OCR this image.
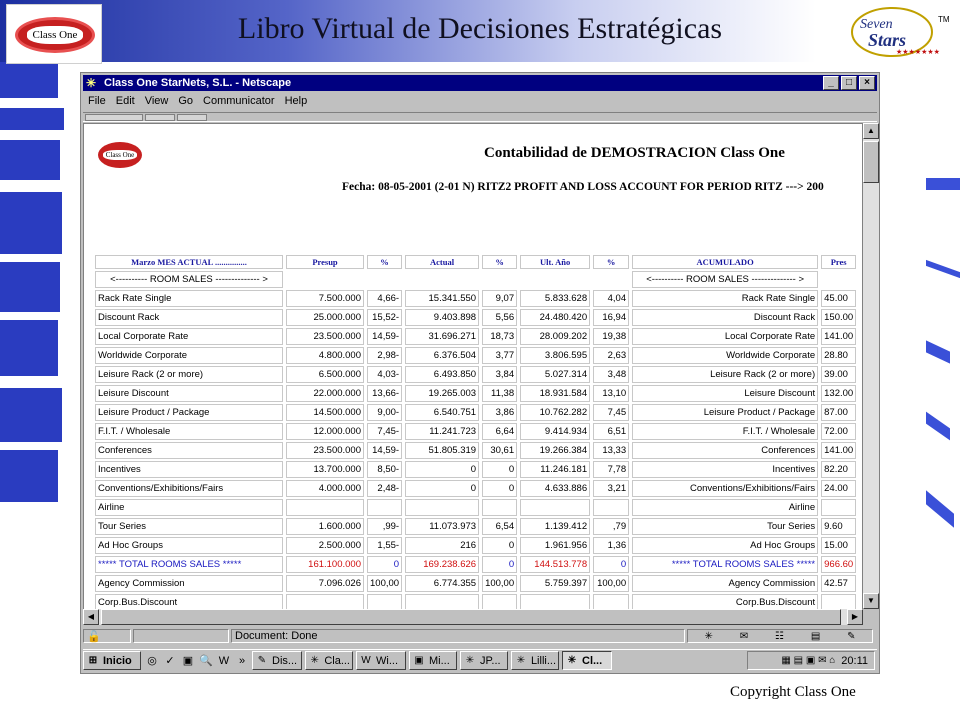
Class One	Libro Virtual de Decisiones Estratégicas	Seven
Stars
★★★★★★★
TM
Copyright Class One
✳ Class One StarNets, S.L. - Netscape	_	□	×
File Edit View Go Communicator Help
Class One	Contabilidad de DEMOSTRACION Class One
Fecha: 08-05-2001 (2-01 N) RITZ2 PROFIT AND LOSS ACCOUNT FOR PERIOD RITZ ---> 200
Marzo MES ACTUAL ...............	Presup	%	Actual	%	Ult. Año	%	ACUMULADO	Pres
<---------- ROOM SALES -------------- >							<---------- ROOM SALES -------------- >	
Rack Rate Single	7.500.000	4,66-	15.341.550	9,07	5.833.628	4,04	Rack Rate Single	45.00
Discount Rack	25.000.000	15,52-	9.403.898	5,56	24.480.420	16,94	Discount Rack	150.00
Local Corporate Rate	23.500.000	14,59-	31.696.271	18,73	28.009.202	19,38	Local Corporate Rate	141.00
Worldwide Corporate	4.800.000	2,98-	6.376.504	3,77	3.806.595	2,63	Worldwide Corporate	28.80
Leisure Rack (2 or more)	6.500.000	4,03-	6.493.850	3,84	5.027.314	3,48	Leisure Rack (2 or more)	39.00
Leisure Discount	22.000.000	13,66-	19.265.003	11,38	18.931.584	13,10	Leisure Discount	132.00
Leisure Product / Package	14.500.000	9,00-	6.540.751	3,86	10.762.282	7,45	Leisure Product / Package	87.00
F.I.T. / Wholesale	12.000.000	7,45-	11.241.723	6,64	9.414.934	6,51	F.I.T. / Wholesale	72.00
Conferences	23.500.000	14,59-	51.805.319	30,61	19.266.384	13,33	Conferences	141.00
Incentives	13.700.000	8,50-	0	0	11.246.181	7,78	Incentives	82.20
Conventions/Exhibitions/Fairs	4.000.000	2,48-	0	0	4.633.886	3,21	Conventions/Exhibitions/Fairs	24.00
Airline							Airline	
Tour Series	1.600.000	,99-	11.073.973	6,54	1.139.412	,79	Tour Series	9.60
Ad Hoc Groups	2.500.000	1,55-	216	0	1.961.956	1,36	Ad Hoc Groups	15.00
***** TOTAL ROOMS SALES *****	161.100.000	0	169.238.626	0	144.513.778	0	***** TOTAL ROOMS SALES *****	966.60
Agency Commission	7.096.026	100,00	6.774.355	100,00	5.759.397	100,00	Agency Commission	42.57
Corp.Bus.Discount							Corp.Bus.Discount	
▲
▼
◀	▶
🔓	Document: Done	✳	✉	☷	▤	✎
⊞ Inicio ◎ ✓ ▣ 🔍 W »	✎ Dis... ✳ Cla... W Wi... ▣ Mi... ✳ JP... ✳ Lilli... ✳ Cl...	▦ ▤ ▣ ✉ ⌂ 20:11
